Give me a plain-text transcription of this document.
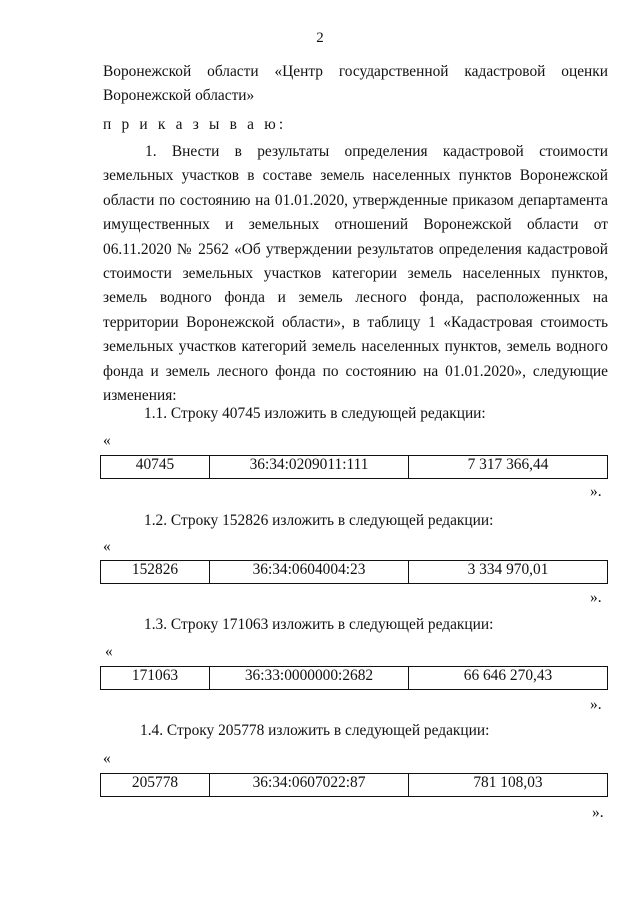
2
Воронежской области «Центр государственной кадастровой оценки
Воронежской области»
п р и к а з ы в а ю:
1. Внести в результаты определения кадастровой стоимости земельных участков в составе земель населенных пунктов Воронежской области по состоянию на 01.01.2020, утвержденные приказом департамента имущественных и земельных отношений Воронежской области от 06.11.2020 № 2562 «Об утверждении результатов определения кадастровой стоимости земельных участков категории земель населенных пунктов, земель водного фонда и земель лесного фонда, расположенных на территории Воронежской области», в таблицу 1 «Кадастровая стоимость земельных участков категорий земель населенных пунктов, земель водного фонда и земель лесного фонда по состоянию на 01.01.2020», следующие изменения:
1.1. Строку 40745 изложить в следующей редакции:
«
40745	36:34:0209011:111	7 317 366,44
».
1.2. Строку 152826 изложить в следующей редакции:
«
152826	36:34:0604004:23	3 334 970,01
».
1.3. Строку 171063 изложить в следующей редакции:
«
171063	36:33:0000000:2682	66 646 270,43
».
1.4. Строку 205778 изложить в следующей редакции:
«
205778	36:34:0607022:87	781 108,03
».
